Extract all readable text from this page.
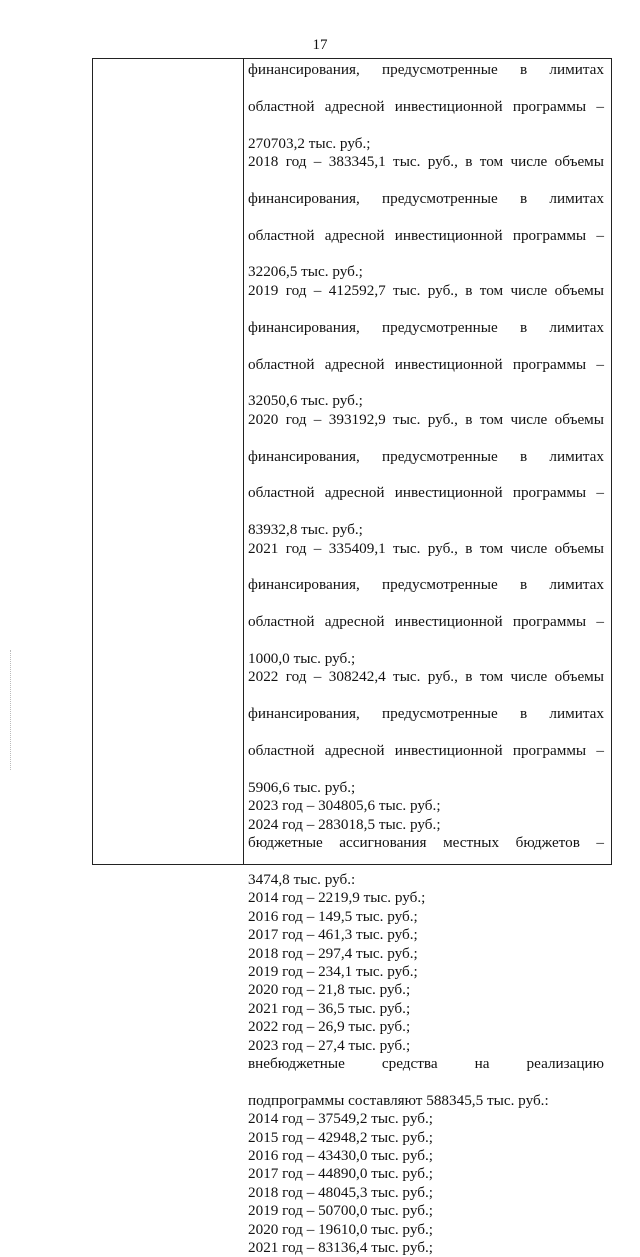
17
финансирования, предусмотренные в лимитах
областной адресной инвестиционной программы –
270703,2 тыс. руб.;
2018 год – 383345,1 тыс. руб., в том числе объемы
финансирования, предусмотренные в лимитах
областной адресной инвестиционной программы –
32206,5 тыс. руб.;
2019 год – 412592,7 тыс. руб., в том числе объемы
финансирования, предусмотренные в лимитах
областной адресной инвестиционной программы –
32050,6 тыс. руб.;
2020 год – 393192,9 тыс. руб., в том числе объемы
финансирования, предусмотренные в лимитах
областной адресной инвестиционной программы –
83932,8 тыс. руб.;
2021 год – 335409,1 тыс. руб., в том числе объемы
финансирования, предусмотренные в лимитах
областной адресной инвестиционной программы –
1000,0 тыс. руб.;
2022 год – 308242,4 тыс. руб., в том числе объемы
финансирования, предусмотренные в лимитах
областной адресной инвестиционной программы –
5906,6 тыс. руб.;
2023 год – 304805,6 тыс. руб.;
2024 год – 283018,5 тыс. руб.;
бюджетные ассигнования местных бюджетов –
3474,8 тыс. руб.:
2014 год – 2219,9 тыс. руб.;
2016 год – 149,5 тыс. руб.;
2017 год – 461,3 тыс. руб.;
2018 год – 297,4 тыс. руб.;
2019 год – 234,1 тыс. руб.;
2020 год – 21,8 тыс. руб.;
2021 год – 36,5 тыс. руб.;
2022 год – 26,9 тыс. руб.;
2023 год – 27,4 тыс. руб.;
внебюджетные средства на реализацию
подпрограммы составляют 588345,5 тыс. руб.:
2014 год – 37549,2 тыс. руб.;
2015 год – 42948,2 тыс. руб.;
2016 год – 43430,0 тыс. руб.;
2017 год – 44890,0 тыс. руб.;
2018 год – 48045,3 тыс. руб.;
2019 год – 50700,0 тыс. руб.;
2020 год – 19610,0 тыс. руб.;
2021 год – 83136,4 тыс. руб.;
